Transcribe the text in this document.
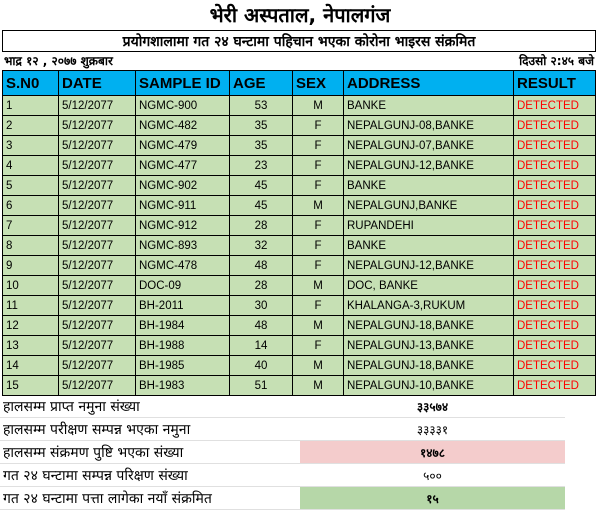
भेरी अस्पताल, नेपालगंज
प्रयोगशालामा गत २४ घन्टामा पहिचान भएका कोरोना भाइरस संक्रमित
भाद्र १२ , २०७७ शुक्रबार	दिउसो २:४५ बजे
S.N0	DATE	SAMPLE ID	AGE	SEX	ADDRESS	RESULT
1	5/12/2077	NGMC-900	53	M	BANKE	DETECTED
2	5/12/2077	NGMC-482	35	F	NEPALGUNJ-08,BANKE	DETECTED
3	5/12/2077	NGMC-479	35	F	NEPALGUNJ-07,BANKE	DETECTED
4	5/12/2077	NGMC-477	23	F	NEPALGUNJ-12,BANKE	DETECTED
5	5/12/2077	NGMC-902	45	F	BANKE	DETECTED
6	5/12/2077	NGMC-911	45	M	NEPALGUNJ,BANKE	DETECTED
7	5/12/2077	NGMC-912	28	F	RUPANDEHI	DETECTED
8	5/12/2077	NGMC-893	32	F	BANKE	DETECTED
9	5/12/2077	NGMC-478	48	F	NEPALGUNJ-12,BANKE	DETECTED
10	5/12/2077	DOC-09	28	M	DOC, BANKE	DETECTED
11	5/12/2077	BH-2011	30	F	KHALANGA-3,RUKUM	DETECTED
12	5/12/2077	BH-1984	48	M	NEPALGUNJ-18,BANKE	DETECTED
13	5/12/2077	BH-1988	14	F	NEPALGUNJ-13,BANKE	DETECTED
14	5/12/2077	BH-1985	40	M	NEPALGUNJ-18,BANKE	DETECTED
15	5/12/2077	BH-1983	51	M	NEPALGUNJ-10,BANKE	DETECTED
हालसम्म प्राप्त नमुना संख्या	३३५७४
हालसम्म परीक्षण सम्पन्न भएका नमुना	३३३३१
हालसम्म संक्रमण पुष्टि भएका संख्या	१४७८
गत २४ घन्टामा सम्पन्न परिक्षण संख्या	५००
गत २४ घन्टामा पत्ता लागेका नयाँ संक्रमित	१५
